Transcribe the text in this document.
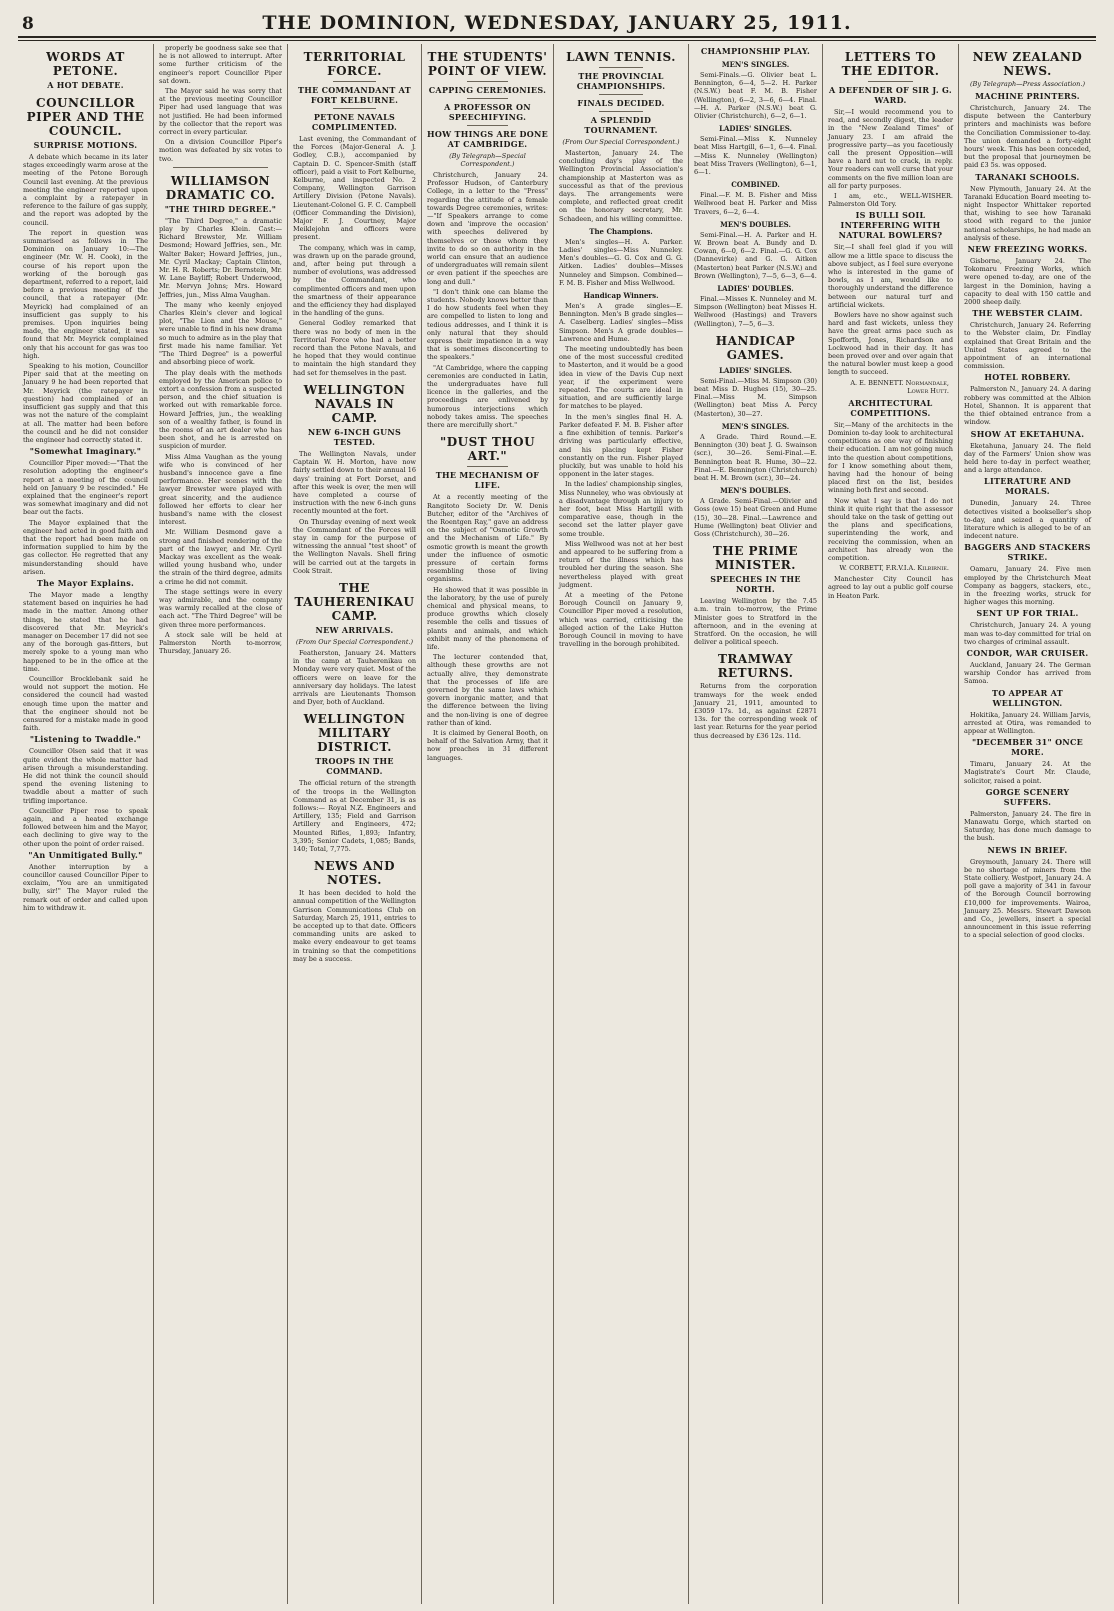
8	THE DOMINION, WEDNESDAY, JANUARY 25, 1911.
WORDS AT PETONE.
A HOT DEBATE.
COUNCILLOR PIPER AND THE COUNCIL.
SURPRISE MOTIONS.
A debate which became in its later stages exceedingly warm arose at the meeting of the Petone Borough Council last evening. At the previous meeting the engineer reported upon a complaint by a ratepayer in reference to the failure of gas supply, and the report was adopted by the council.
The report in question was summarised as follows in The Dominion on January 10:—The engineer (Mr. W. H. Cook), in the course of his report upon the working of the borough gas department, referred to a report, laid before a previous meeting of the council, that a ratepayer (Mr. Meyrick) had complained of an insufficient gas supply to his premises. Upon inquiries being made, the engineer stated, it was found that Mr. Meyrick complained only that his account for gas was too high.
Speaking to his motion, Councillor Piper said that at the meeting on January 9 he had been reported that Mr. Meyrick (the ratepayer in question) had complained of an insufficient gas supply and that this was not the nature of the complaint at all. The matter had been before the council and he did not consider the engineer had correctly stated it.
"Somewhat Imaginary."
Councillor Piper moved:—"That the resolution adopting the engineer's report at a meeting of the council held on January 9 be rescinded." He explained that the engineer's report was somewhat imaginary and did not bear out the facts.
The Mayor explained that the engineer had acted in good faith and that the report had been made on information supplied to him by the gas collector. He regretted that any misunderstanding should have arisen.
The Mayor Explains.
The Mayor made a lengthy statement based on inquiries he had made in the matter. Among other things, he stated that he had discovered that Mr. Meyrick's manager on December 17 did not see any of the borough gas-fitters, but merely spoke to a young man who happened to be in the office at the time.
Councillor Brocklebank said he would not support the motion. He considered the council had wasted enough time upon the matter and that the engineer should not be censured for a mistake made in good faith.
"Listening to Twaddle."
Councillor Olsen said that it was quite evident the whole matter had arisen through a misunderstanding. He did not think the council should spend the evening listening to twaddle about a matter of such trifling importance.
Councillor Piper rose to speak again, and a heated exchange followed between him and the Mayor, each declining to give way to the other upon the point of order raised.
"An Unmitigated Bully."
Another interruption by a councillor caused Councillor Piper to exclaim, "You are an unmitigated bully, sir!" The Mayor ruled the remark out of order and called upon him to withdraw it.
properly be goodness sake see that he is not allowed to interrupt. After some further criticism of the engineer's report Councillor Piper sat down.
The Mayor said he was sorry that at the previous meeting Councillor Piper had used language that was not justified. He had been informed by the collector that the report was correct in every particular.
On a division Councillor Piper's motion was defeated by six votes to two.
WILLIAMSON DRAMATIC CO.
"THE THIRD DEGREE."
"The Third Degree," a dramatic play by Charles Klein. Cast:— Richard Brewster, Mr. William Desmond; Howard Jeffries, sen., Mr. Walter Baker; Howard Jeffries, jun., Mr. Cyril Mackay; Captain Clinton, Mr. H. R. Roberts; Dr. Bernstein, Mr. W. Lane Bayliff; Robert Underwood, Mr. Mervyn Johns; Mrs. Howard Jeffries, jun., Miss Alma Vaughan.
The many who keenly enjoyed Charles Klein's clever and logical plot, "The Lion and the Mouse," were unable to find in his new drama so much to admire as in the play that first made his name familiar. Yet "The Third Degree" is a powerful and absorbing piece of work.
The play deals with the methods employed by the American police to extort a confession from a suspected person, and the chief situation is worked out with remarkable force. Howard Jeffries, jun., the weakling son of a wealthy father, is found in the rooms of an art dealer who has been shot, and he is arrested on suspicion of murder.
Miss Alma Vaughan as the young wife who is convinced of her husband's innocence gave a fine performance. Her scenes with the lawyer Brewster were played with great sincerity, and the audience followed her efforts to clear her husband's name with the closest interest.
Mr. William Desmond gave a strong and finished rendering of the part of the lawyer, and Mr. Cyril Mackay was excellent as the weak-willed young husband who, under the strain of the third degree, admits a crime he did not commit.
The stage settings were in every way admirable, and the company was warmly recalled at the close of each act. "The Third Degree" will be given three more performances.
A stock sale will be held at Palmerston North to-morrow, Thursday, January 26.
TERRITORIAL FORCE.
THE COMMANDANT AT FORT KELBURNE.
PETONE NAVALS COMPLIMENTED.
Last evening, the Commandant of the Forces (Major-General A. J. Godley, C.B.), accompanied by Captain D. C. Spencer-Smith (staff officer), paid a visit to Fort Kelburne, Kelburne, and inspected No. 2 Company, Wellington Garrison Artillery Division (Petone Navals). Lieutenant-Colonel G. F. C. Campbell (Officer Commanding the Division), Major F. J. Courtney, Major Meiklejohn and officers were present.
The company, which was in camp, was drawn up on the parade ground, and, after being put through a number of evolutions, was addressed by the Commandant, who complimented officers and men upon the smartness of their appearance and the efficiency they had displayed in the handling of the guns.
General Godley remarked that there was no body of men in the Territorial Force who had a better record than the Petone Navals, and he hoped that they would continue to maintain the high standard they had set for themselves in the past.
WELLINGTON NAVALS IN CAMP.
NEW 6-INCH GUNS TESTED.
The Wellington Navals, under Captain W. H. Morton, have now fairly settled down to their annual 16 days' training at Fort Dorset, and after this week is over, the men will have completed a course of instruction with the new 6-inch guns recently mounted at the fort.
On Thursday evening of next week the Commandant of the Forces will stay in camp for the purpose of witnessing the annual "test shoot" of the Wellington Navals. Shell firing will be carried out at the targets in Cook Strait.
THE TAUHERENIKAU CAMP.
NEW ARRIVALS.
(From Our Special Correspondent.)
Featherston, January 24. Matters in the camp at Tauherenikau on Monday were very quiet. Most of the officers were on leave for the anniversary day holidays. The latest arrivals are Lieutenants Thomson and Dyer, both of Auckland.
WELLINGTON MILITARY DISTRICT.
TROOPS IN THE COMMAND.
The official return of the strength of the troops in the Wellington Command as at December 31, is as follows:— Royal N.Z. Engineers and Artillery, 135; Field and Garrison Artillery and Engineers, 472; Mounted Rifles, 1,893; Infantry, 3,395; Senior Cadets, 1,085; Bands, 140; Total, 7,775.
NEWS AND NOTES.
It has been decided to hold the annual competition of the Wellington Garrison Communications Club on Saturday, March 25, 1911, entries to be accepted up to that date. Officers commanding units are asked to make every endeavour to get teams in training so that the competitions may be a success.
THE STUDENTS' POINT OF VIEW.
CAPPING CEREMONIES.
A PROFESSOR ON SPEECHIFYING.
HOW THINGS ARE DONE AT CAMBRIDGE.
(By Telegraph—Special Correspondent.)
Christchurch, January 24. Professor Hudson, of Canterbury College, in a letter to the "Press" regarding the attitude of a female towards Degree ceremonies, writes:—"If Speakers arrange to come down and 'improve the occasion' with speeches delivered by themselves or those whom they invite to do so on authority in the world can ensure that an audience of undergraduates will remain silent or even patient if the speeches are long and dull."
"I don't think one can blame the students. Nobody knows better than I do how students feel when they are compelled to listen to long and tedious addresses, and I think it is only natural that they should express their impatience in a way that is sometimes disconcerting to the speakers."
"At Cambridge, where the capping ceremonies are conducted in Latin, the undergraduates have full licence in the galleries, and the proceedings are enlivened by humorous interjections which nobody takes amiss. The speeches there are mercifully short."
"DUST THOU ART."
THE MECHANISM OF LIFE.
At a recently meeting of the Rangitoto Society Dr. W. Denis Butcher, editor of the "Archives of the Roentgen Ray," gave an address on the subject of "Osmotic Growth and the Mechanism of Life." By osmotic growth is meant the growth under the influence of osmotic pressure of certain forms resembling those of living organisms.
He showed that it was possible in the laboratory, by the use of purely chemical and physical means, to produce growths which closely resemble the cells and tissues of plants and animals, and which exhibit many of the phenomena of life.
The lecturer contended that, although these growths are not actually alive, they demonstrate that the processes of life are governed by the same laws which govern inorganic matter, and that the difference between the living and the non-living is one of degree rather than of kind.
It is claimed by General Booth, on behalf of the Salvation Army, that it now preaches in 31 different languages.
LAWN TENNIS.
THE PROVINCIAL CHAMPIONSHIPS.
FINALS DECIDED.
A SPLENDID TOURNAMENT.
(From Our Special Correspondent.)
Masterton, January 24. The concluding day's play of the Wellington Provincial Association's championship at Masterton was as successful as that of the previous days. The arrangements were complete, and reflected great credit on the honorary secretary, Mr. Schadeen, and his willing committee.
The Champions.
Men's singles—H. A. Parker. Ladies' singles—Miss Nunneley. Men's doubles—G. G. Cox and G. G. Aitken. Ladies' doubles—Misses Nunneley and Simpson. Combined—F. M. B. Fisher and Miss Wellwood.
Handicap Winners.
Men's A grade singles—E. Bennington. Men's B grade singles—A. Caselberg. Ladies' singles—Miss Simpson. Men's A grade doubles—Lawrence and Hume.
The meeting undoubtedly has been one of the most successful credited to Masterton, and it would be a good idea in view of the Davis Cup next year, if the experiment were repeated. The courts are ideal in situation, and are sufficiently large for matches to be played.
In the men's singles final H. A. Parker defeated F. M. B. Fisher after a fine exhibition of tennis. Parker's driving was particularly effective, and his placing kept Fisher constantly on the run. Fisher played pluckily, but was unable to hold his opponent in the later stages.
In the ladies' championship singles, Miss Nunneley, who was obviously at a disadvantage through an injury to her foot, beat Miss Hartgill with comparative ease, though in the second set the latter player gave some trouble.
Miss Wellwood was not at her best and appeared to be suffering from a return of the illness which has troubled her during the season. She nevertheless played with great judgment.
At a meeting of the Petone Borough Council on January 9, Councillor Piper moved a resolution, which was carried, criticising the alleged action of the Lake Hutton Borough Council in moving to have travelling in the borough prohibited.
CHAMPIONSHIP PLAY.
MEN'S SINGLES.
Semi-Finals.—G. Olivier beat L. Bennington, 6—4, 5—2. H. Parker (N.S.W.) beat F. M. B. Fisher (Wellington), 6—2, 3—6, 6—4. Final.—H. A. Parker (N.S.W.) beat G. Olivier (Christchurch), 6—2, 6—1.
LADIES' SINGLES.
Semi-Final.—Miss K. Nunneley beat Miss Hartgill, 6—1, 6—4. Final.—Miss K. Nunneley (Wellington) beat Miss Travers (Wellington), 6—1, 6—1.
COMBINED.
Final.—F. M. B. Fisher and Miss Wellwood beat H. Parker and Miss Travers, 6—2, 6—4.
MEN'S DOUBLES.
Semi-Final.—H. A. Parker and H. W. Brown beat A. Bundy and D. Cowan, 6—0, 6—2. Final.—G. G. Cox (Dannevirke) and G. G. Aitken (Masterton) beat Parker (N.S.W.) and Brown (Wellington), 7—5, 6—3, 6—4.
LADIES' DOUBLES.
Final.—Misses K. Nunneley and M. Simpson (Wellington) beat Misses H. Wellwood (Hastings) and Travers (Wellington), 7—5, 6—3.
HANDICAP GAMES.
LADIES' SINGLES.
Semi-Final.—Miss M. Simpson (30) beat Miss D. Hughes (15), 30—25. Final.—Miss M. Simpson (Wellington) beat Miss A. Percy (Masterton), 30—27.
MEN'S SINGLES.
A Grade. Third Round.—E. Bennington (30) beat J. G. Swainson (scr.), 30—26. Semi-Final.—E. Bennington beat R. Hume, 30—22. Final.—E. Bennington (Christchurch) beat H. M. Brown (scr.), 30—24.
MEN'S DOUBLES.
A Grade. Semi-Final.—Olivier and Goss (owe 15) beat Green and Hume (15), 30—28. Final.—Lawrence and Hume (Wellington) beat Olivier and Goss (Christchurch), 30—26.
THE PRIME MINISTER.
SPEECHES IN THE NORTH.
Leaving Wellington by the 7.45 a.m. train to-morrow, the Prime Minister goes to Stratford in the afternoon, and in the evening at Stratford. On the occasion, he will deliver a political speech.
TRAMWAY RETURNS.
Returns from the corporation tramways for the week ended January 21, 1911, amounted to £3059 17s. 1d., as against £2871 13s. for the corresponding week of last year. Returns for the year period thus decreased by £36 12s. 11d.
LETTERS TO THE EDITOR.
A DEFENDER OF SIR J. G. WARD.
Sir,—I would recommend you to read, and secondly digest, the leader in the "New Zealand Times" of January 23. I am afraid the progressive party—as you facetiously call the present Opposition—will have a hard nut to crack, in reply. Your readers can well curse that your comments on the five million loan are all for party purposes.
I am, etc., WELL-WISHER. Palmerston Old Tory.
IS BULLI SOIL INTERFERING WITH NATURAL BOWLERS?
Sir,—I shall feel glad if you will allow me a little space to discuss the above subject, as I feel sure everyone who is interested in the game of bowls, as I am, would like to thoroughly understand the difference between our natural turf and artificial wickets.
Bowlers have no show against such hard and fast wickets, unless they have the great arms pace such as Spofforth, Jones, Richardson and Lockwood had in their day. It has been proved over and over again that the natural bowler must keep a good length to succeed.
A. E. BENNETT. Normandale, Lower Hutt.
ARCHITECTURAL COMPETITIONS.
Sir,—Many of the architects in the Dominion to-day look to architectural competitions as one way of finishing their education. I am not going much into the question about competitions, for I know something about them, having had the honour of being placed first on the list, besides winning both first and second.
Now what I say is that I do not think it quite right that the assessor should take on the task of getting out the plans and specifications, superintending the work, and receiving the commission, when an architect has already won the competition.
W. CORBETT, F.R.V.I.A. Kilbirnie.
Manchester City Council has agreed to lay out a public golf course in Heaton Park.
NEW ZEALAND NEWS.
(By Telegraph—Press Association.)
MACHINE PRINTERS.
Christchurch, January 24. The dispute between the Canterbury printers and machinists was before the Conciliation Commissioner to-day. The union demanded a forty-eight hours' week. This has been conceded, but the proposal that journeymen be paid £3 5s. was opposed.
TARANAKI SCHOOLS.
New Plymouth, January 24. At the Taranaki Education Board meeting to-night Inspector Whittaker reported that, wishing to see how Taranaki stood with regard to the junior national scholarships, he had made an analysis of these.
NEW FREEZING WORKS.
Gisborne, January 24. The Tokomaru Freezing Works, which were opened to-day, are one of the largest in the Dominion, having a capacity to deal with 150 cattle and 2000 sheep daily.
THE WEBSTER CLAIM.
Christchurch, January 24. Referring to the Webster claim, Dr. Findlay explained that Great Britain and the United States agreed to the appointment of an international commission.
HOTEL ROBBERY.
Palmerston N., January 24. A daring robbery was committed at the Albion Hotel, Shannon. It is apparent that the thief obtained entrance from a window.
SHOW AT EKETAHUNA.
Eketahuna, January 24. The field day of the Farmers' Union show was held here to-day in perfect weather, and a large attendance.
LITERATURE AND MORALS.
Dunedin, January 24. Three detectives visited a bookseller's shop to-day, and seized a quantity of literature which is alleged to be of an indecent nature.
BAGGERS AND STACKERS STRIKE.
Oamaru, January 24. Five men employed by the Christchurch Meat Company as baggers, stackers, etc., in the freezing works, struck for higher wages this morning.
SENT UP FOR TRIAL.
Christchurch, January 24. A young man was to-day committed for trial on two charges of criminal assault.
CONDOR, WAR CRUISER.
Auckland, January 24. The German warship Condor has arrived from Samoa.
TO APPEAR AT WELLINGTON.
Hokitika, January 24. William Jarvis, arrested at Otira, was remanded to appear at Wellington.
"DECEMBER 31" ONCE MORE.
Timaru, January 24. At the Magistrate's Court Mr. Claude, solicitor, raised a point.
GORGE SCENERY SUFFERS.
Palmerston, January 24. The fire in Manawatu Gorge, which started on Saturday, has done much damage to the bush.
NEWS IN BRIEF.
Greymouth, January 24. There will be no shortage of miners from the State colliery. Westport, January 24. A poll gave a majority of 341 in favour of the Borough Council borrowing £10,000 for improvements. Wairoa, January 25. Messrs. Stewart Dawson and Co., jewellers, insert a special announcement in this issue referring to a special selection of good clocks.
